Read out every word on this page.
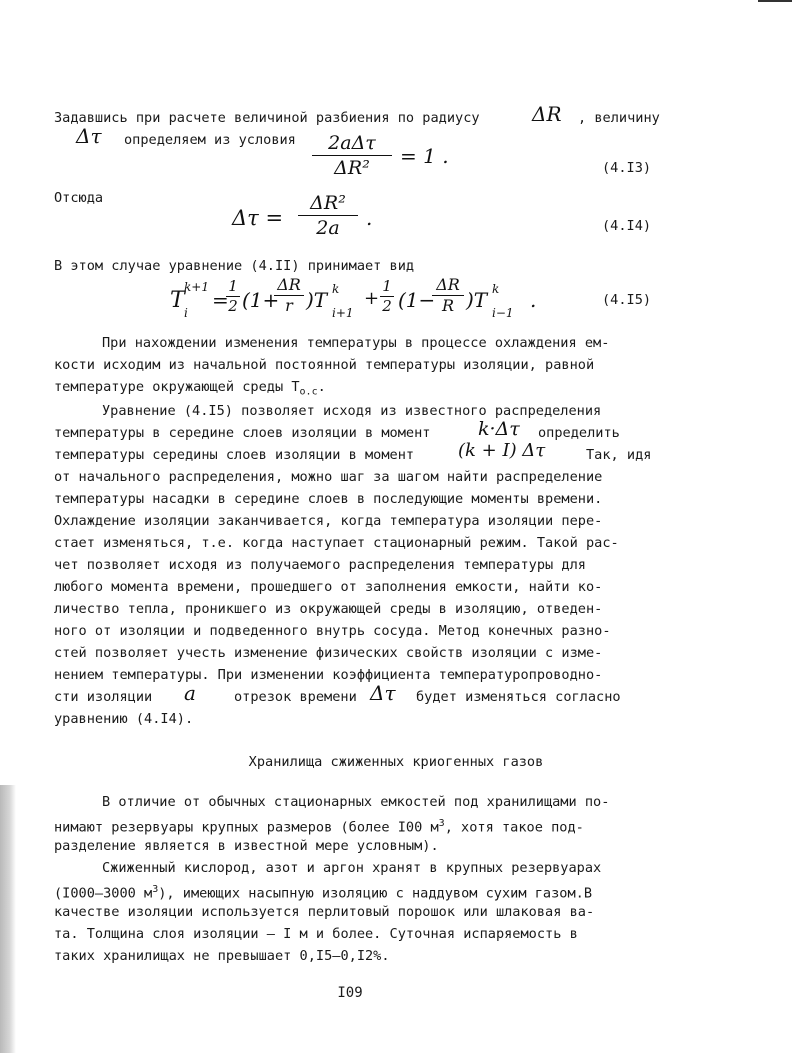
Задавшись при расчете величиной разбиения по радиусу	ΔR , величину
Δτ определяем из условия	2aΔτ
ΔR²	= 1 .	(4.I3)
Отсюда
Δτ =
ΔR²
2a	.	(4.I4)
В этом случае уравнение (4.II) принимает вид
T
k+1
i
=
1
2 (1+
ΔR
r )T k
i+1
+
1
2 (1−
ΔR
R )T k
i−1
.	(4.I5)
При нахождении изменения температуры в процессе охлаждения ем-
кости исходим из начальной постоянной температуры изоляции, равной
температуре окружающей среды $T_{о.с}$.
Уравнение (4.I5) позволяет исходя из известного распределения
температуры в середине слоев изоляции в момент	k·Δτ определить
температуры середины слоев изоляции в момент (k + I) Δτ	Так, идя
от начального распределения, можно шаг за шагом найти распределение
температуры насадки в середине слоев в последующие моменты времени.
Охлаждение изоляции заканчивается, когда температура изоляции пере-
стает изменяться, т.е. когда наступает стационарный режим. Такой рас-
чет позволяет исходя из получаемого распределения температуры для
любого момента времени, прошедшего от заполнения емкости, найти ко-
личество тепла, проникшего из окружающей среды в изоляцию, отведен-
ного от изоляции и подведенного внутрь сосуда. Метод конечных разно-
стей позволяет учесть изменение физических свойств изоляции с изме-
нением температуры. При изменении коэффициента температуропроводно-
сти изоляции a	отрезок времени Δτ будет изменяться согласно
уравнению (4.I4).
Хранилища сжиженных криогенных газов
В отличие от обычных стационарных емкостей под хранилищами по-
нимают резервуары крупных размеров (более I00 $м^3$, хотя такое под-
разделение является в известной мере условным).
Сжиженный кислород, азот и аргон хранят в крупных резервуарах
(I000–3000 $м^3$), имеющих насыпную изоляцию с наддувом сухим газом.В
качестве изоляции используется перлитовый порошок или шлаковая ва-
та. Толщина слоя изоляции – I м и более. Суточная испаряемость в
таких хранилищах не превышает 0,I5–0,I2%.
I09
